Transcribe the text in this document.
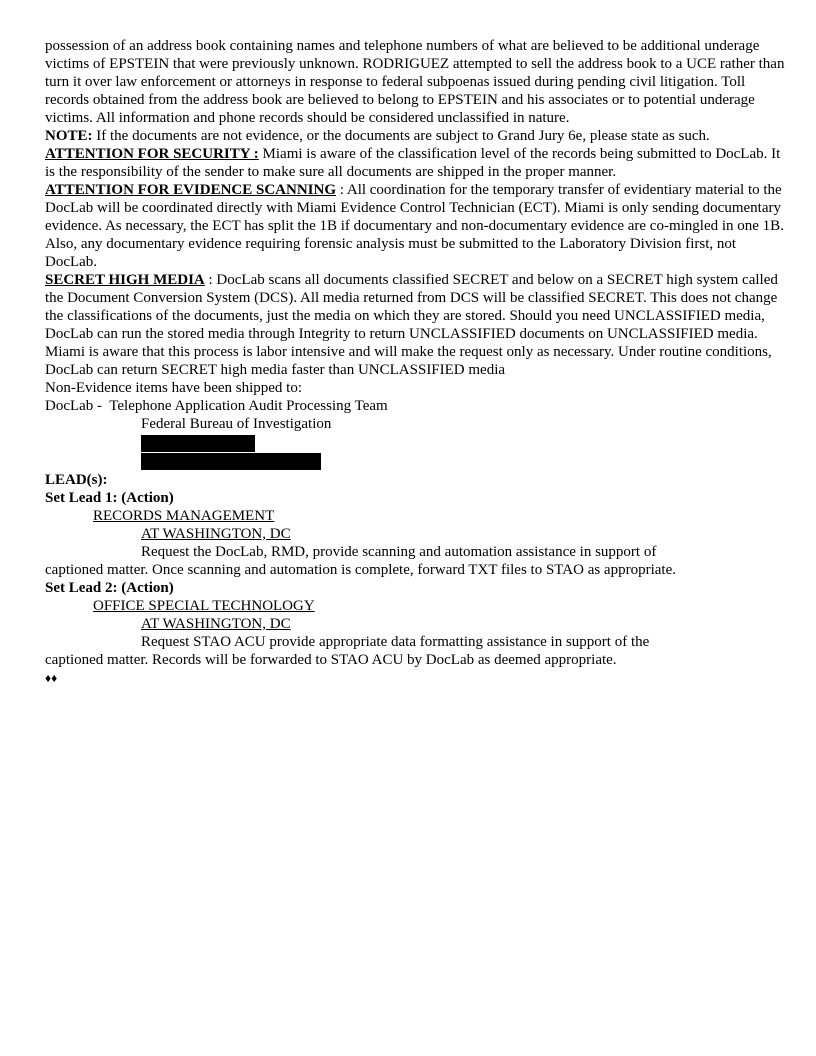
possession of an address book containing names and telephone numbers of what are believed to be additional underage victims of EPSTEIN that were previously unknown. RODRIGUEZ attempted to sell the address book to a UCE rather than turn it over law enforcement or attorneys in response to federal subpoenas issued during pending civil litigation. Toll records obtained from the address book are believed to belong to EPSTEIN and his associates or to potential underage victims. All information and phone records should be considered unclassified in nature.

NOTE: If the documents are not evidence, or the documents are subject to Grand Jury 6e, please state as such.

ATTENTION FOR SECURITY : Miami is aware of the classification level of the records being submitted to DocLab. It is the responsibility of the sender to make sure all documents are shipped in the proper manner.

ATTENTION FOR EVIDENCE SCANNING : All coordination for the temporary transfer of evidentiary material to the DocLab will be coordinated directly with Miami Evidence Control Technician (ECT). Miami is only sending documentary evidence. As necessary, the ECT has split the 1B if documentary and non-documentary evidence are co-mingled in one 1B. Also, any documentary evidence requiring forensic analysis must be submitted to the Laboratory Division first, not DocLab.

SECRET HIGH MEDIA : DocLab scans all documents classified SECRET and below on a SECRET high system called the Document Conversion System (DCS). All media returned from DCS will be classified SECRET. This does not change the classifications of the documents, just the media on which they are stored. Should you need UNCLASSIFIED media, DocLab can run the stored media through Integrity to return UNCLASSIFIED documents on UNCLASSIFIED media. Miami is aware that this process is labor intensive and will make the request only as necessary. Under routine conditions, DocLab can return SECRET high media faster than UNCLASSIFIED media

Non-Evidence items have been shipped to:

DocLab -  Telephone Application Audit Processing Team

Federal Bureau of Investigation

LEAD(s):

Set Lead 1: (Action)

RECORDS MANAGEMENT

AT WASHINGTON, DC

Request the DocLab, RMD, provide scanning and automation assistance in support of

captioned matter. Once scanning and automation is complete, forward TXT files to STAO as appropriate.

Set Lead 2: (Action)

OFFICE SPECIAL TECHNOLOGY

AT WASHINGTON, DC

Request STAO ACU provide appropriate data formatting assistance in support of the

captioned matter. Records will be forwarded to STAO ACU by DocLab as deemed appropriate.

♦♦
